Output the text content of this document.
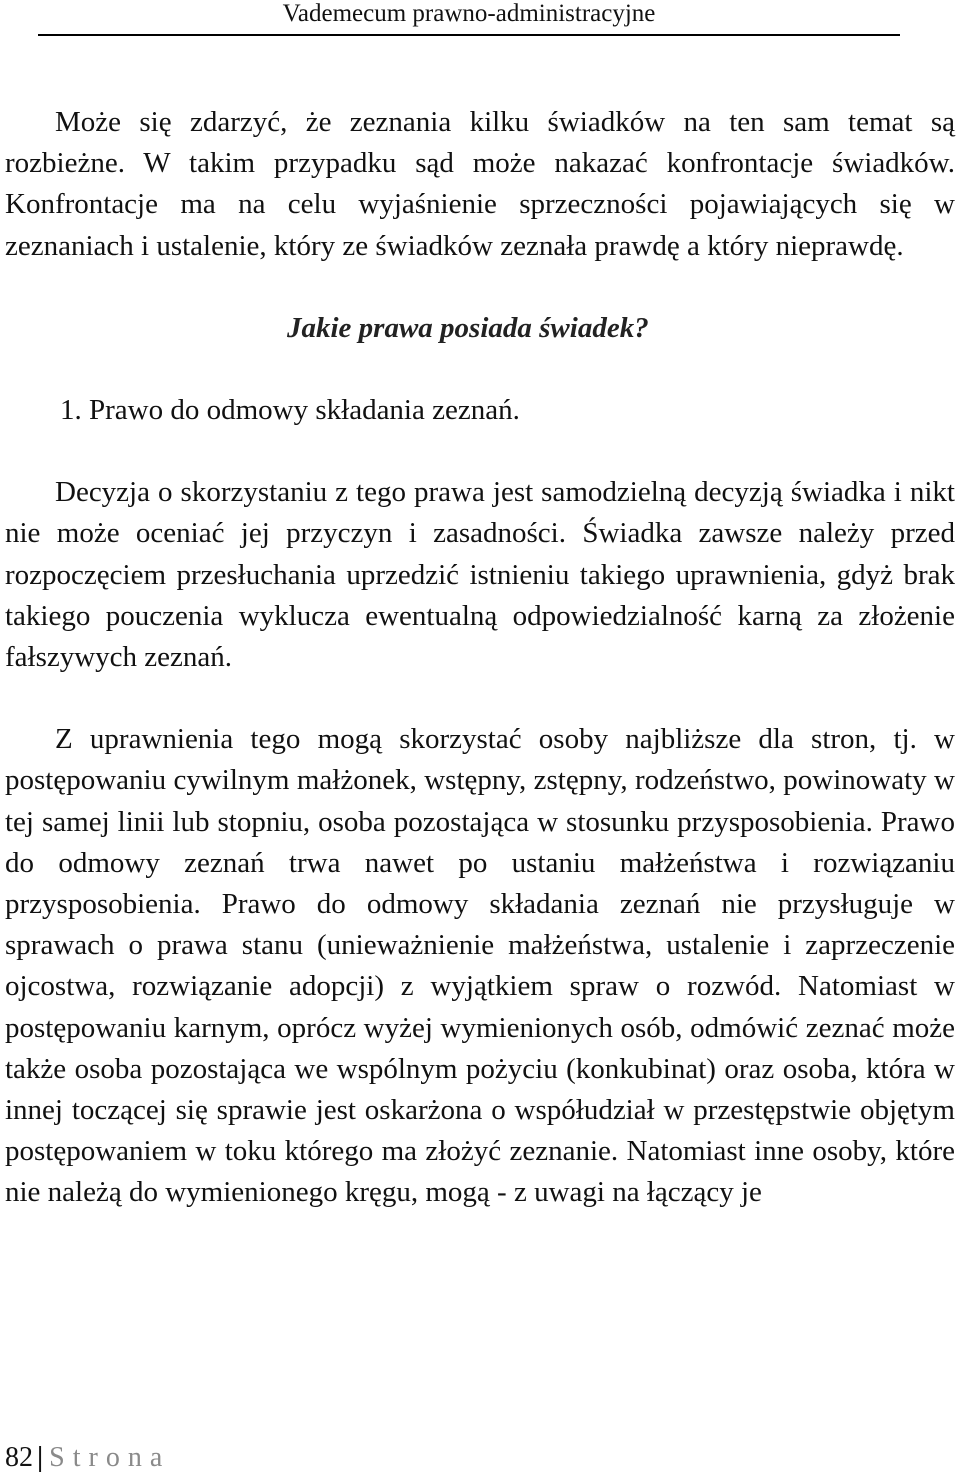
Vademecum prawno-administracyjne

Może się zdarzyć, że zeznania kilku świadków na ten sam temat są rozbieżne. W takim przypadku sąd może nakazać konfrontacje świadków. Konfrontacje ma na celu wyjaśnienie sprzeczności pojawiających się w zeznaniach i ustalenie, który ze świadków zeznała prawdę a który nieprawdę.

Jakie prawa posiada świadek?

1. Prawo do odmowy składania zeznań.

Decyzja o skorzystaniu z tego prawa jest samodzielną decyzją świadka i nikt nie może oceniać jej przyczyn i zasadności. Świadka zawsze należy przed rozpoczęciem przesłuchania uprzedzić istnieniu takiego uprawnienia, gdyż brak takiego pouczenia wyklucza ewentualną odpowiedzialność karną za złożenie fałszywych zeznań.

Z uprawnienia tego mogą skorzystać osoby najbliższe dla stron, tj. w postępowaniu cywilnym małżonek, wstępny, zstępny, rodzeństwo, powinowaty w tej samej linii lub stopniu, osoba pozostająca w stosunku przysposobienia. Prawo do odmowy zeznań trwa nawet po ustaniu małżeństwa i rozwiązaniu przysposobienia. Prawo do odmowy składania zeznań nie przysługuje w sprawach o prawa stanu (unieważnienie małżeństwa, ustalenie i zaprzeczenie ojcostwa, rozwiązanie adopcji) z wyjątkiem spraw o rozwód. Natomiast w postępowaniu karnym, oprócz wyżej wymienionych osób, odmówić zeznać może także osoba pozostająca we wspólnym pożyciu (konkubinat) oraz osoba, która w innej toczącej się sprawie jest oskarżona o współudział w przestępstwie objętym postępowaniem w toku którego ma złożyć zeznanie. Natomiast inne osoby, które nie należą do wymienionego kręgu, mogą - z uwagi na łączący je

82 | Strona
